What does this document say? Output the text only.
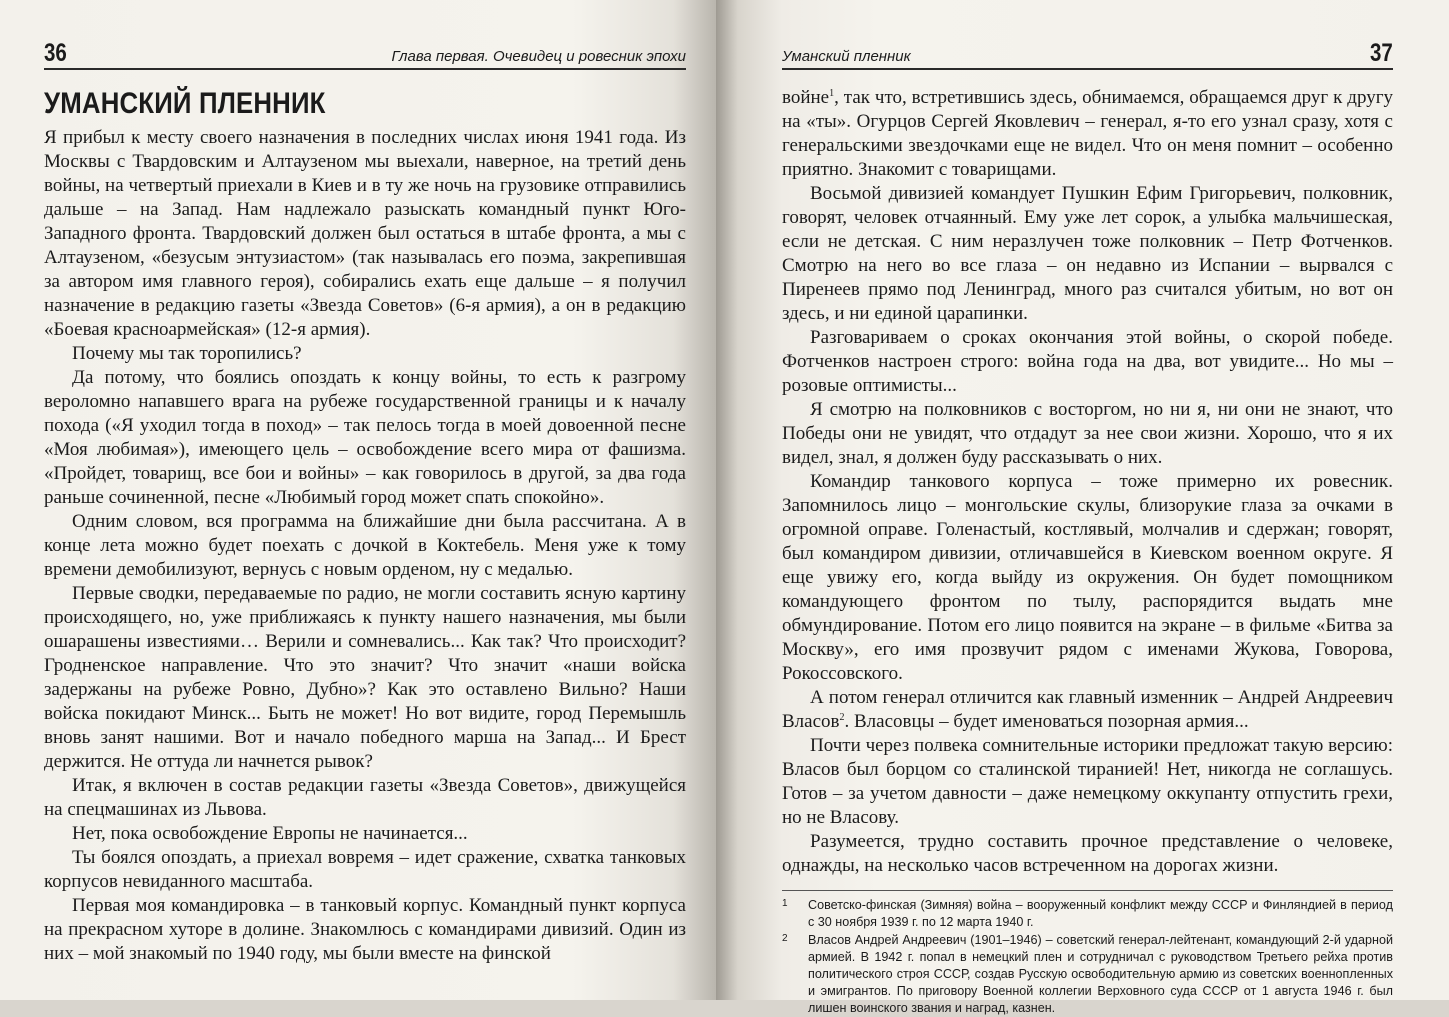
36	Глава первая. Очевидец и ровесник эпохи
УМАНСКИЙ ПЛЕННИК

Я прибыл к месту своего назначения в последних числах июня 1941 года. Из Москвы с Твардовским и Алтаузеном мы выехали, наверное, на третий день войны, на четвертый приехали в Киев и в ту же ночь на грузовике отправились дальше – на Запад. Нам надлежало разыскать командный пункт Юго-Западного фронта. Твардовский должен был остаться в штабе фронта, а мы с Алтаузеном, «безусым энтузиастом» (так называлась его поэма, закрепившая за автором имя главного героя), собирались ехать еще дальше – я получил назначение в редакцию газеты «Звезда Советов» (6-я армия), а он в редакцию «Боевая красноармейская» (12-я армия).

Почему мы так торопились?

Да потому, что боялись опоздать к концу войны, то есть к разгрому вероломно напавшего врага на рубеже государственной границы и к началу похода («Я уходил тогда в поход» – так пелось тогда в моей довоенной песне «Моя любимая»), имеющего цель – освобождение всего мира от фашизма. «Пройдет, товарищ, все бои и войны» – как говорилось в другой, за два года раньше сочиненной, песне «Любимый город может спать спокойно».

Одним словом, вся программа на ближайшие дни была рассчитана. А в конце лета можно будет поехать с дочкой в Коктебель. Меня уже к тому времени демобилизуют, вернусь с новым орденом, ну с медалью.

Первые сводки, передаваемые по радио, не могли составить ясную картину происходящего, но, уже приближаясь к пункту нашего назначения, мы были ошарашены известиями… Верили и сомневались... Как так? Что происходит? Гродненское направление. Что это значит? Что значит «наши войска задержаны на рубеже Ровно, Дубно»? Как это оставлено Вильно? Наши войска покидают Минск... Быть не может! Но вот видите, город Перемышль вновь занят нашими. Вот и начало победного марша на Запад... И Брест держится. Не оттуда ли начнется рывок?

Итак, я включен в состав редакции газеты «Звезда Советов», движущейся на спецмашинах из Львова.

Нет, пока освобождение Европы не начинается...

Ты боялся опоздать, а приехал вовремя – идет сражение, схватка танковых корпусов невиданного масштаба.

Первая моя командировка – в танковый корпус. Командный пункт корпуса на прекрасном хуторе в долине. Знакомлюсь с командирами дивизий. Один из них – мой знакомый по 1940 году, мы были вместе на финской

Уманский пленник	37

войне$^1$, так что, встретившись здесь, обнимаемся, обращаемся друг к другу на «ты». Огурцов Сергей Яковлевич – генерал, я-то его узнал сразу, хотя с генеральскими звездочками еще не видел. Что он меня помнит – особенно приятно. Знакомит с товарищами.

Восьмой дивизией командует Пушкин Ефим Григорьевич, полковник, говорят, человек отчаянный. Ему уже лет сорок, а улыбка мальчишеская, если не детская. С ним неразлучен тоже полковник – Петр Фотченков. Смотрю на него во все глаза – он недавно из Испании – вырвался с Пиренеев прямо под Ленинград, много раз считался убитым, но вот он здесь, и ни единой царапинки.

Разговариваем о сроках окончания этой войны, о скорой победе. Фотченков настроен строго: война года на два, вот увидите... Но мы – розовые оптимисты...

Я смотрю на полковников с восторгом, но ни я, ни они не знают, что Победы они не увидят, что отдадут за нее свои жизни. Хорошо, что я их видел, знал, я должен буду рассказывать о них.

Командир танкового корпуса – тоже примерно их ровесник. Запомнилось лицо – монгольские скулы, близорукие глаза за очками в огромной оправе. Голенастый, костлявый, молчалив и сдержан; говорят, был командиром дивизии, отличавшейся в Киевском военном округе. Я еще увижу его, когда выйду из окружения. Он будет помощником командующего фронтом по тылу, распорядится выдать мне обмундирование. Потом его лицо появится на экране – в фильме «Битва за Москву», его имя прозвучит рядом с именами Жукова, Говорова, Рокоссовского.

А потом генерал отличится как главный изменник – Андрей Андреевич Власов$^2$. Власовцы – будет именоваться позорная армия...

Почти через полвека сомнительные историки предложат такую версию: Власов был борцом со сталинской тиранией! Нет, никогда не соглашусь. Готов – за учетом давности – даже немецкому оккупанту отпустить грехи, но не Власову.

Разумеется, трудно составить прочное представление о человеке, однажды, на несколько часов встреченном на дорогах жизни.

1	Советско-финская (Зимняя) война – вооруженный конфликт между СССР и Финляндией в период с 30 ноября 1939 г. по 12 марта 1940 г.
2	Власов Андрей Андреевич (1901–1946) – советский генерал-лейтенант, командующий 2-й ударной армией. В 1942 г. попал в немецкий плен и сотрудничал с руководством Третьего рейха против политического строя СССР, создав Русскую освободительную армию из советских военнопленных и эмигрантов. По приговору Военной коллегии Верховного суда СССР от 1 августа 1946 г. был лишен воинского звания и наград, казнен.
